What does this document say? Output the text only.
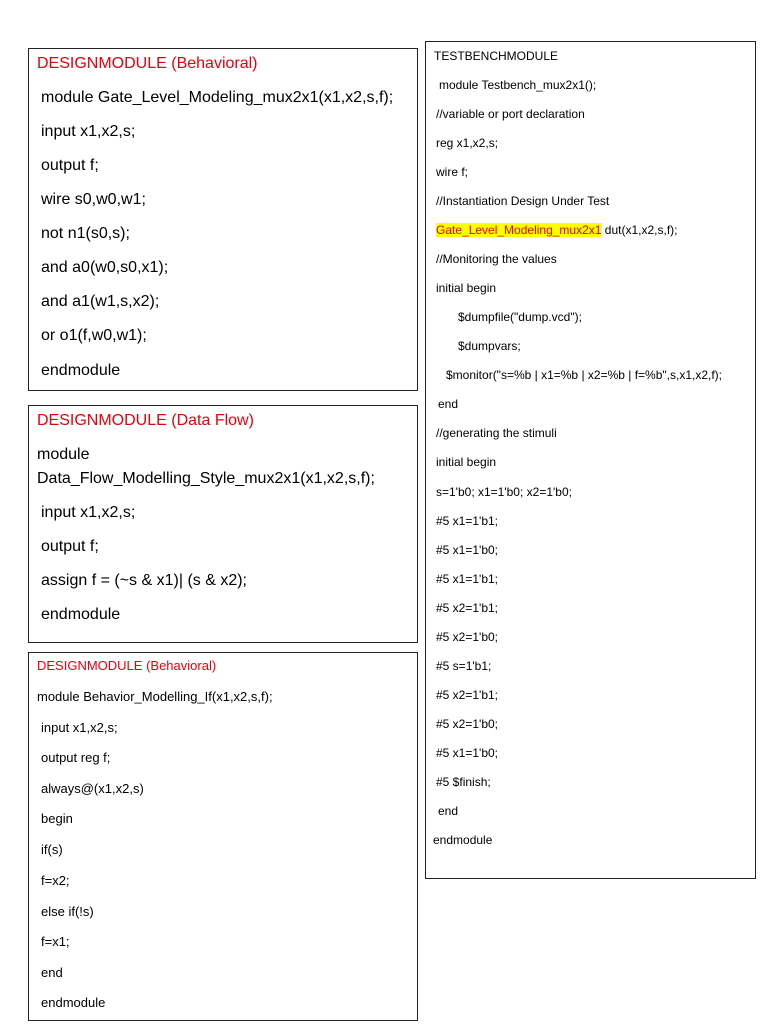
DESIGNMODULE (Behavioral)
module Gate_Level_Modeling_mux2x1(x1,x2,s,f);
input x1,x2,s;
output f;
wire s0,w0,w1;
not n1(s0,s);
and a0(w0,s0,x1);
and a1(w1,s,x2);
or o1(f,w0,w1);
endmodule
DESIGNMODULE (Data Flow)
module
Data_Flow_Modelling_Style_mux2x1(x1,x2,s,f);
input x1,x2,s;
output f;
assign f = (~s & x1)| (s & x2);
endmodule
DESIGNMODULE (Behavioral)
module Behavior_Modelling_If(x1,x2,s,f);
input x1,x2,s;
output reg f;
always@(x1,x2,s)
begin
if(s)
f=x2;
else if(!s)
f=x1;
end
endmodule
TESTBENCHMODULE
module Testbench_mux2x1();
//variable or port declaration
reg x1,x2,s;
wire f;
//Instantiation Design Under Test
Gate_Level_Modeling_mux2x1 dut(x1,x2,s,f);
//Monitoring the values
initial begin
$dumpfile("dump.vcd");
$dumpvars;
$monitor("s=%b | x1=%b | x2=%b | f=%b",s,x1,x2,f);
end
//generating the stimuli
initial begin
s=1'b0; x1=1'b0; x2=1'b0;
#5 x1=1'b1;
#5 x1=1'b0;
#5 x1=1'b1;
#5 x2=1'b1;
#5 x2=1'b0;
#5 s=1'b1;
#5 x2=1'b1;
#5 x2=1'b0;
#5 x1=1'b0;
#5 $finish;
end
endmodule
